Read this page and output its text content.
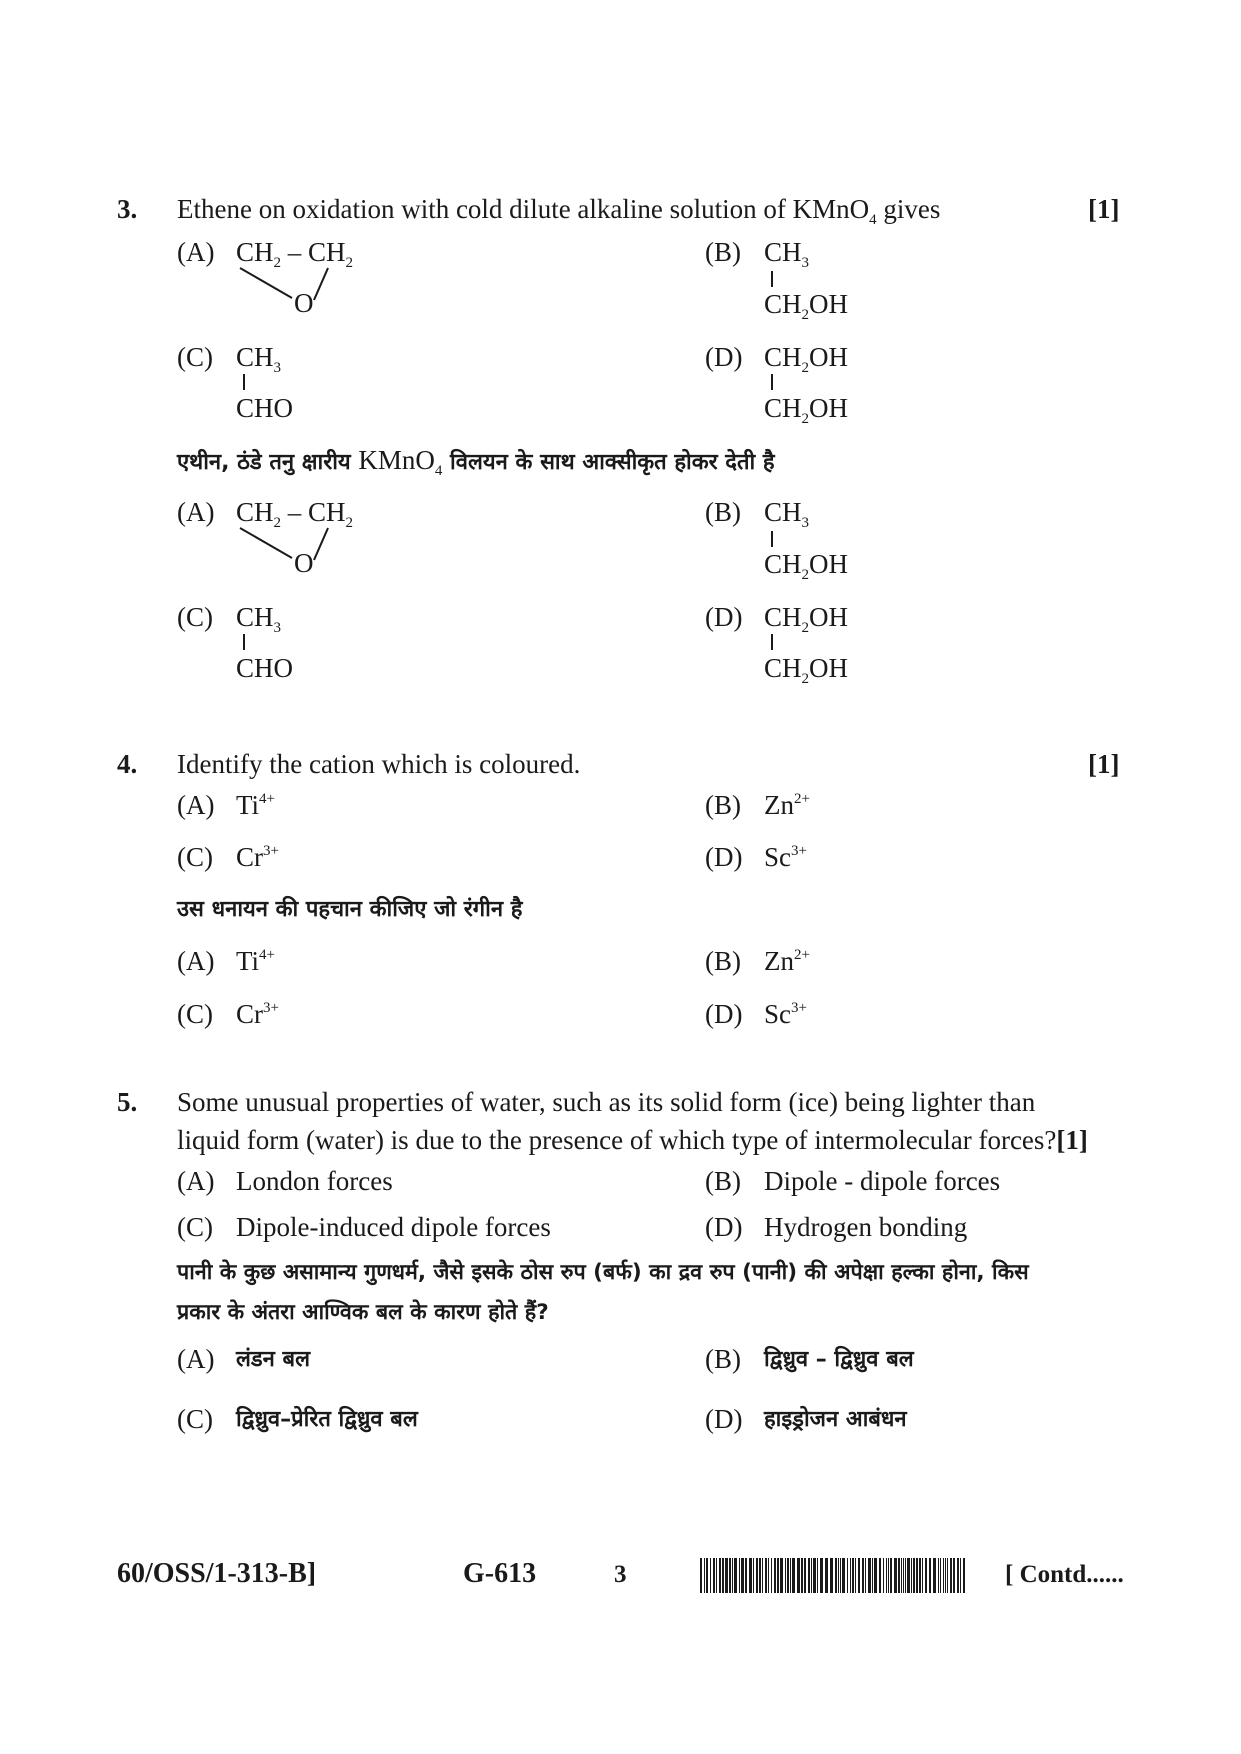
3. Ethene on oxidation with cold dilute alkaline solution of KMnO$_4$ gives	[1]
(A) $CH_2 - CH_2$
O
(B) $CH_3$
$CH_2OH$
(C) $CH_3$
CHO
(D) $CH_2OH$
$CH_2OH$
एथीन, ठंडे तनु क्षारीय KMnO$_4$ विलयन के साथ आक्सीकृत होकर देती है
(A) $CH_2 - CH_2$
O
(B) $CH_3$
$CH_2OH$
(C) $CH_3$
CHO
(D) $CH_2OH$
$CH_2OH$
4. Identify the cation which is coloured.	[1]
(A) $Ti^{4+}$	(B) $Zn^{2+}$
(C) $Cr^{3+}$	(D) $Sc^{3+}$
उस धनायन की पहचान कीजिए जो रंगीन है
(A) $Ti^{4+}$	(B) $Zn^{2+}$
(C) $Cr^{3+}$	(D) $Sc^{3+}$
5. Some unusual properties of water, such as its solid form (ice) being lighter than
liquid form (water) is due to the presence of which type of intermolecular forces?[1]
(A) London forces	(B) Dipole - dipole forces
(C) Dipole-induced dipole forces	(D) Hydrogen bonding
पानी के कुछ असामान्य गुणधर्म, जैसे इसके ठोस रुप (बर्फ) का द्रव रुप (पानी) की अपेक्षा हल्का होना, किस
प्रकार के अंतरा आण्विक बल के कारण होते हैं?
(A) लंडन बल	(B) द्विध्रुव – द्विध्रुव बल
(C) द्विध्रुव–प्रेरित द्विध्रुव बल	(D) हाइड्रोजन आबंधन
60/OSS/1-313-B]	G-613	3	[ Contd......
